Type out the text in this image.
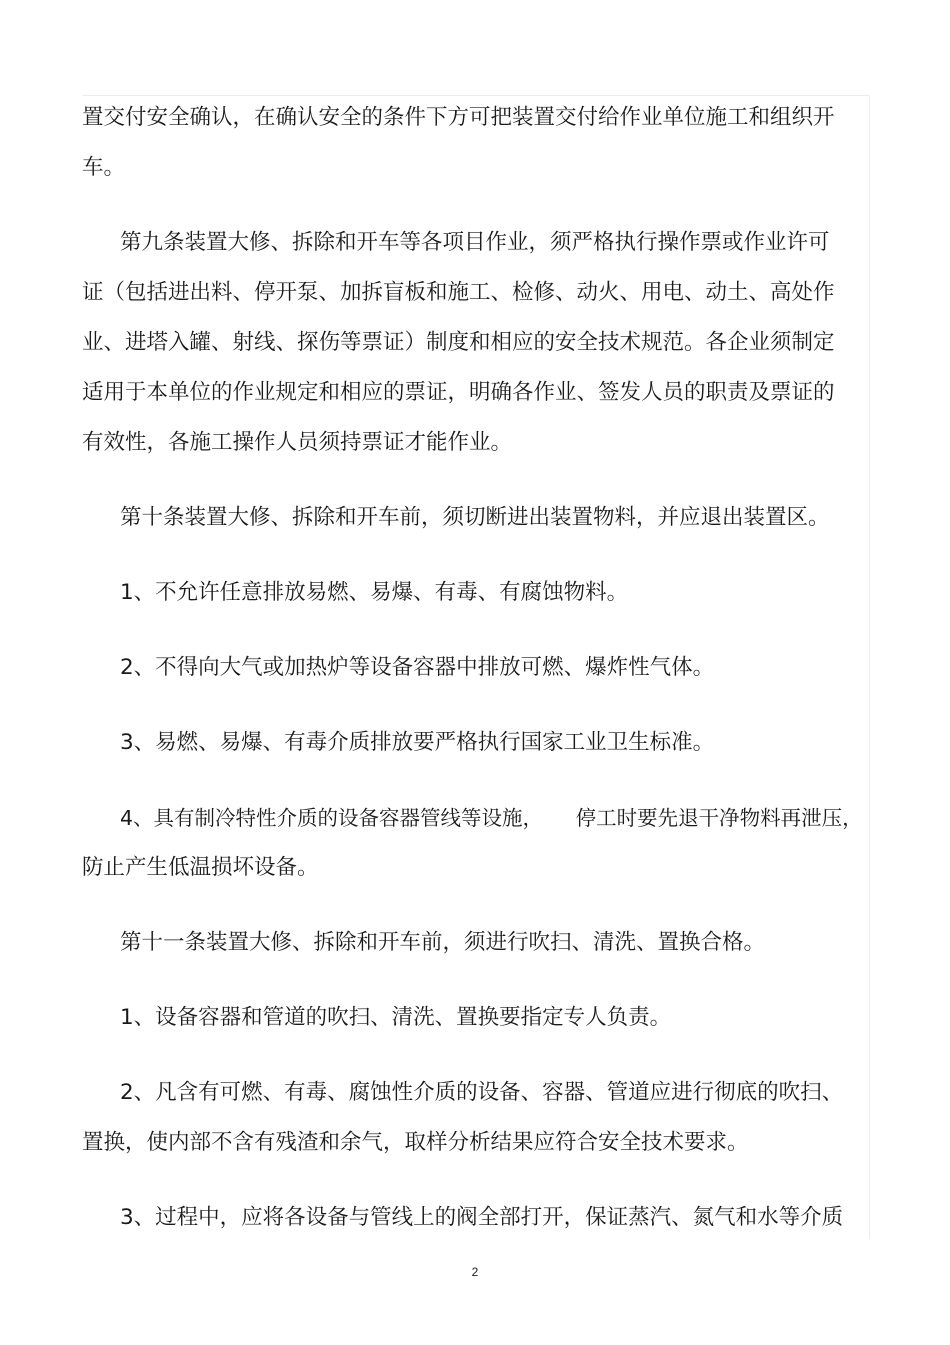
置交付安全确认，在确认安全的条件下方可把装置交付给作业单位施工和组织开
车。
第九条装置大修、拆除和开车等各项目作业，须严格执行操作票或作业许可
证（包括进出料、停开泵、加拆盲板和施工、检修、动火、用电、动土、高处作
业、进塔入罐、射线、探伤等票证）制度和相应的安全技术规范。各企业须制定
适用于本单位的作业规定和相应的票证，明确各作业、签发人员的职责及票证的
有效性，各施工操作人员须持票证才能作业。
第十条装置大修、拆除和开车前，须切断进出装置物料，并应退出装置区。
1、不允许任意排放易燃、易爆、有毒、有腐蚀物料。
2、不得向大气或加热炉等设备容器中排放可燃、爆炸性气体。
3、易燃、易爆、有毒介质排放要严格执行国家工业卫生标准。
4、具有制冷特性介质的设备容器管线等设施，     停工时要先退干净物料再泄压，
防止产生低温损坏设备。
第十一条装置大修、拆除和开车前，须进行吹扫、清洗、置换合格。
1、设备容器和管道的吹扫、清洗、置换要指定专人负责。
2、凡含有可燃、有毒、腐蚀性介质的设备、容器、管道应进行彻底的吹扫、
置换，使内部不含有残渣和余气，取样分析结果应符合安全技术要求。
3、过程中，应将各设备与管线上的阀全部打开，保证蒸汽、氮气和水等介质
2
